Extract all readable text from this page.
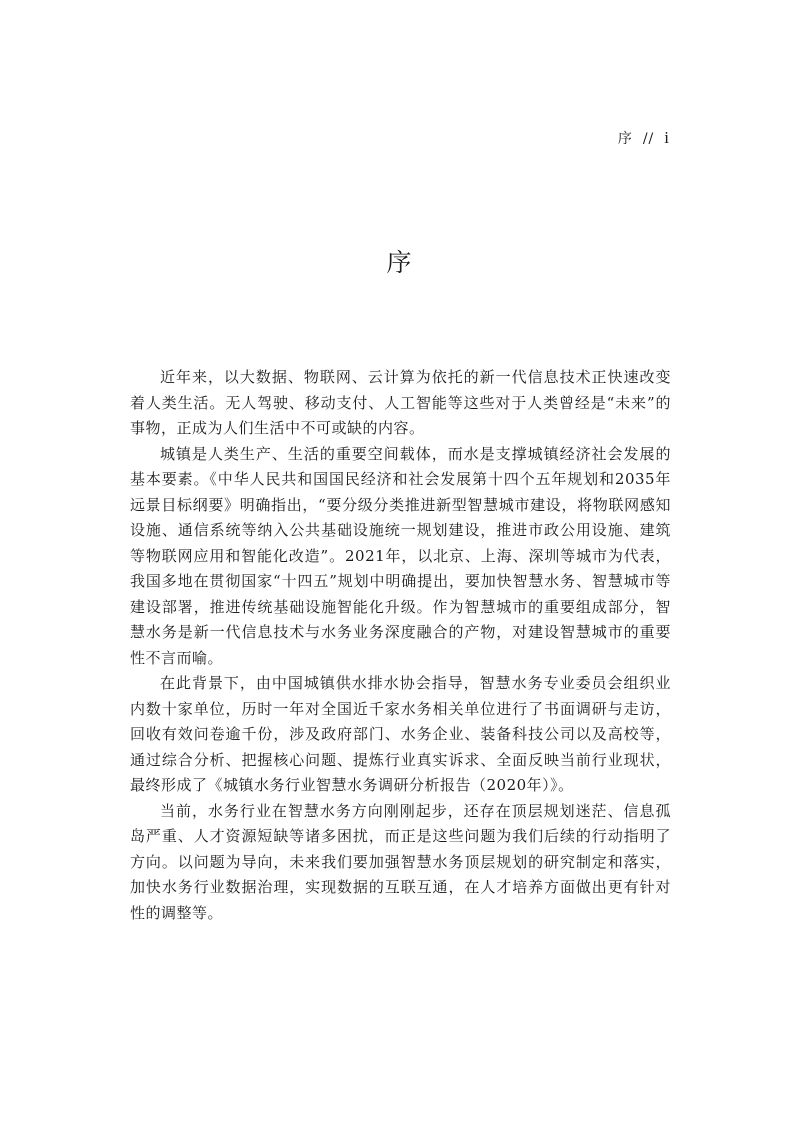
序 // i
序

近年来，以大数据、物联网、云计算为依托的新一代信息技术正快速改变着人类生活。无人驾驶、移动支付、人工智能等这些对于人类曾经是“未来”的事物，正成为人们生活中不可或缺的内容。

城镇是人类生产、生活的重要空间载体，而水是支撑城镇经济社会发展的基本要素。《中华人民共和国国民经济和社会发展第十四个五年规划和2035年远景目标纲要》明确指出，“要分级分类推进新型智慧城市建设，将物联网感知设施、通信系统等纳入公共基础设施统一规划建设，推进市政公用设施、建筑等物联网应用和智能化改造”。2021年，以北京、上海、深圳等城市为代表，我国多地在贯彻国家“十四五”规划中明确提出，要加快智慧水务、智慧城市等建设部署，推进传统基础设施智能化升级。作为智慧城市的重要组成部分，智慧水务是新一代信息技术与水务业务深度融合的产物，对建设智慧城市的重要性不言而喻。

在此背景下，由中国城镇供水排水协会指导，智慧水务专业委员会组织业内数十家单位，历时一年对全国近千家水务相关单位进行了书面调研与走访，回收有效问卷逾千份，涉及政府部门、水务企业、装备科技公司以及高校等，通过综合分析、把握核心问题、提炼行业真实诉求、全面反映当前行业现状，最终形成了《城镇水务行业智慧水务调研分析报告（2020年）》。

当前，水务行业在智慧水务方向刚刚起步，还存在顶层规划迷茫、信息孤岛严重、人才资源短缺等诸多困扰，而正是这些问题为我们后续的行动指明了方向。以问题为导向，未来我们要加强智慧水务顶层规划的研究制定和落实，加快水务行业数据治理，实现数据的互联互通，在人才培养方面做出更有针对性的调整等。
